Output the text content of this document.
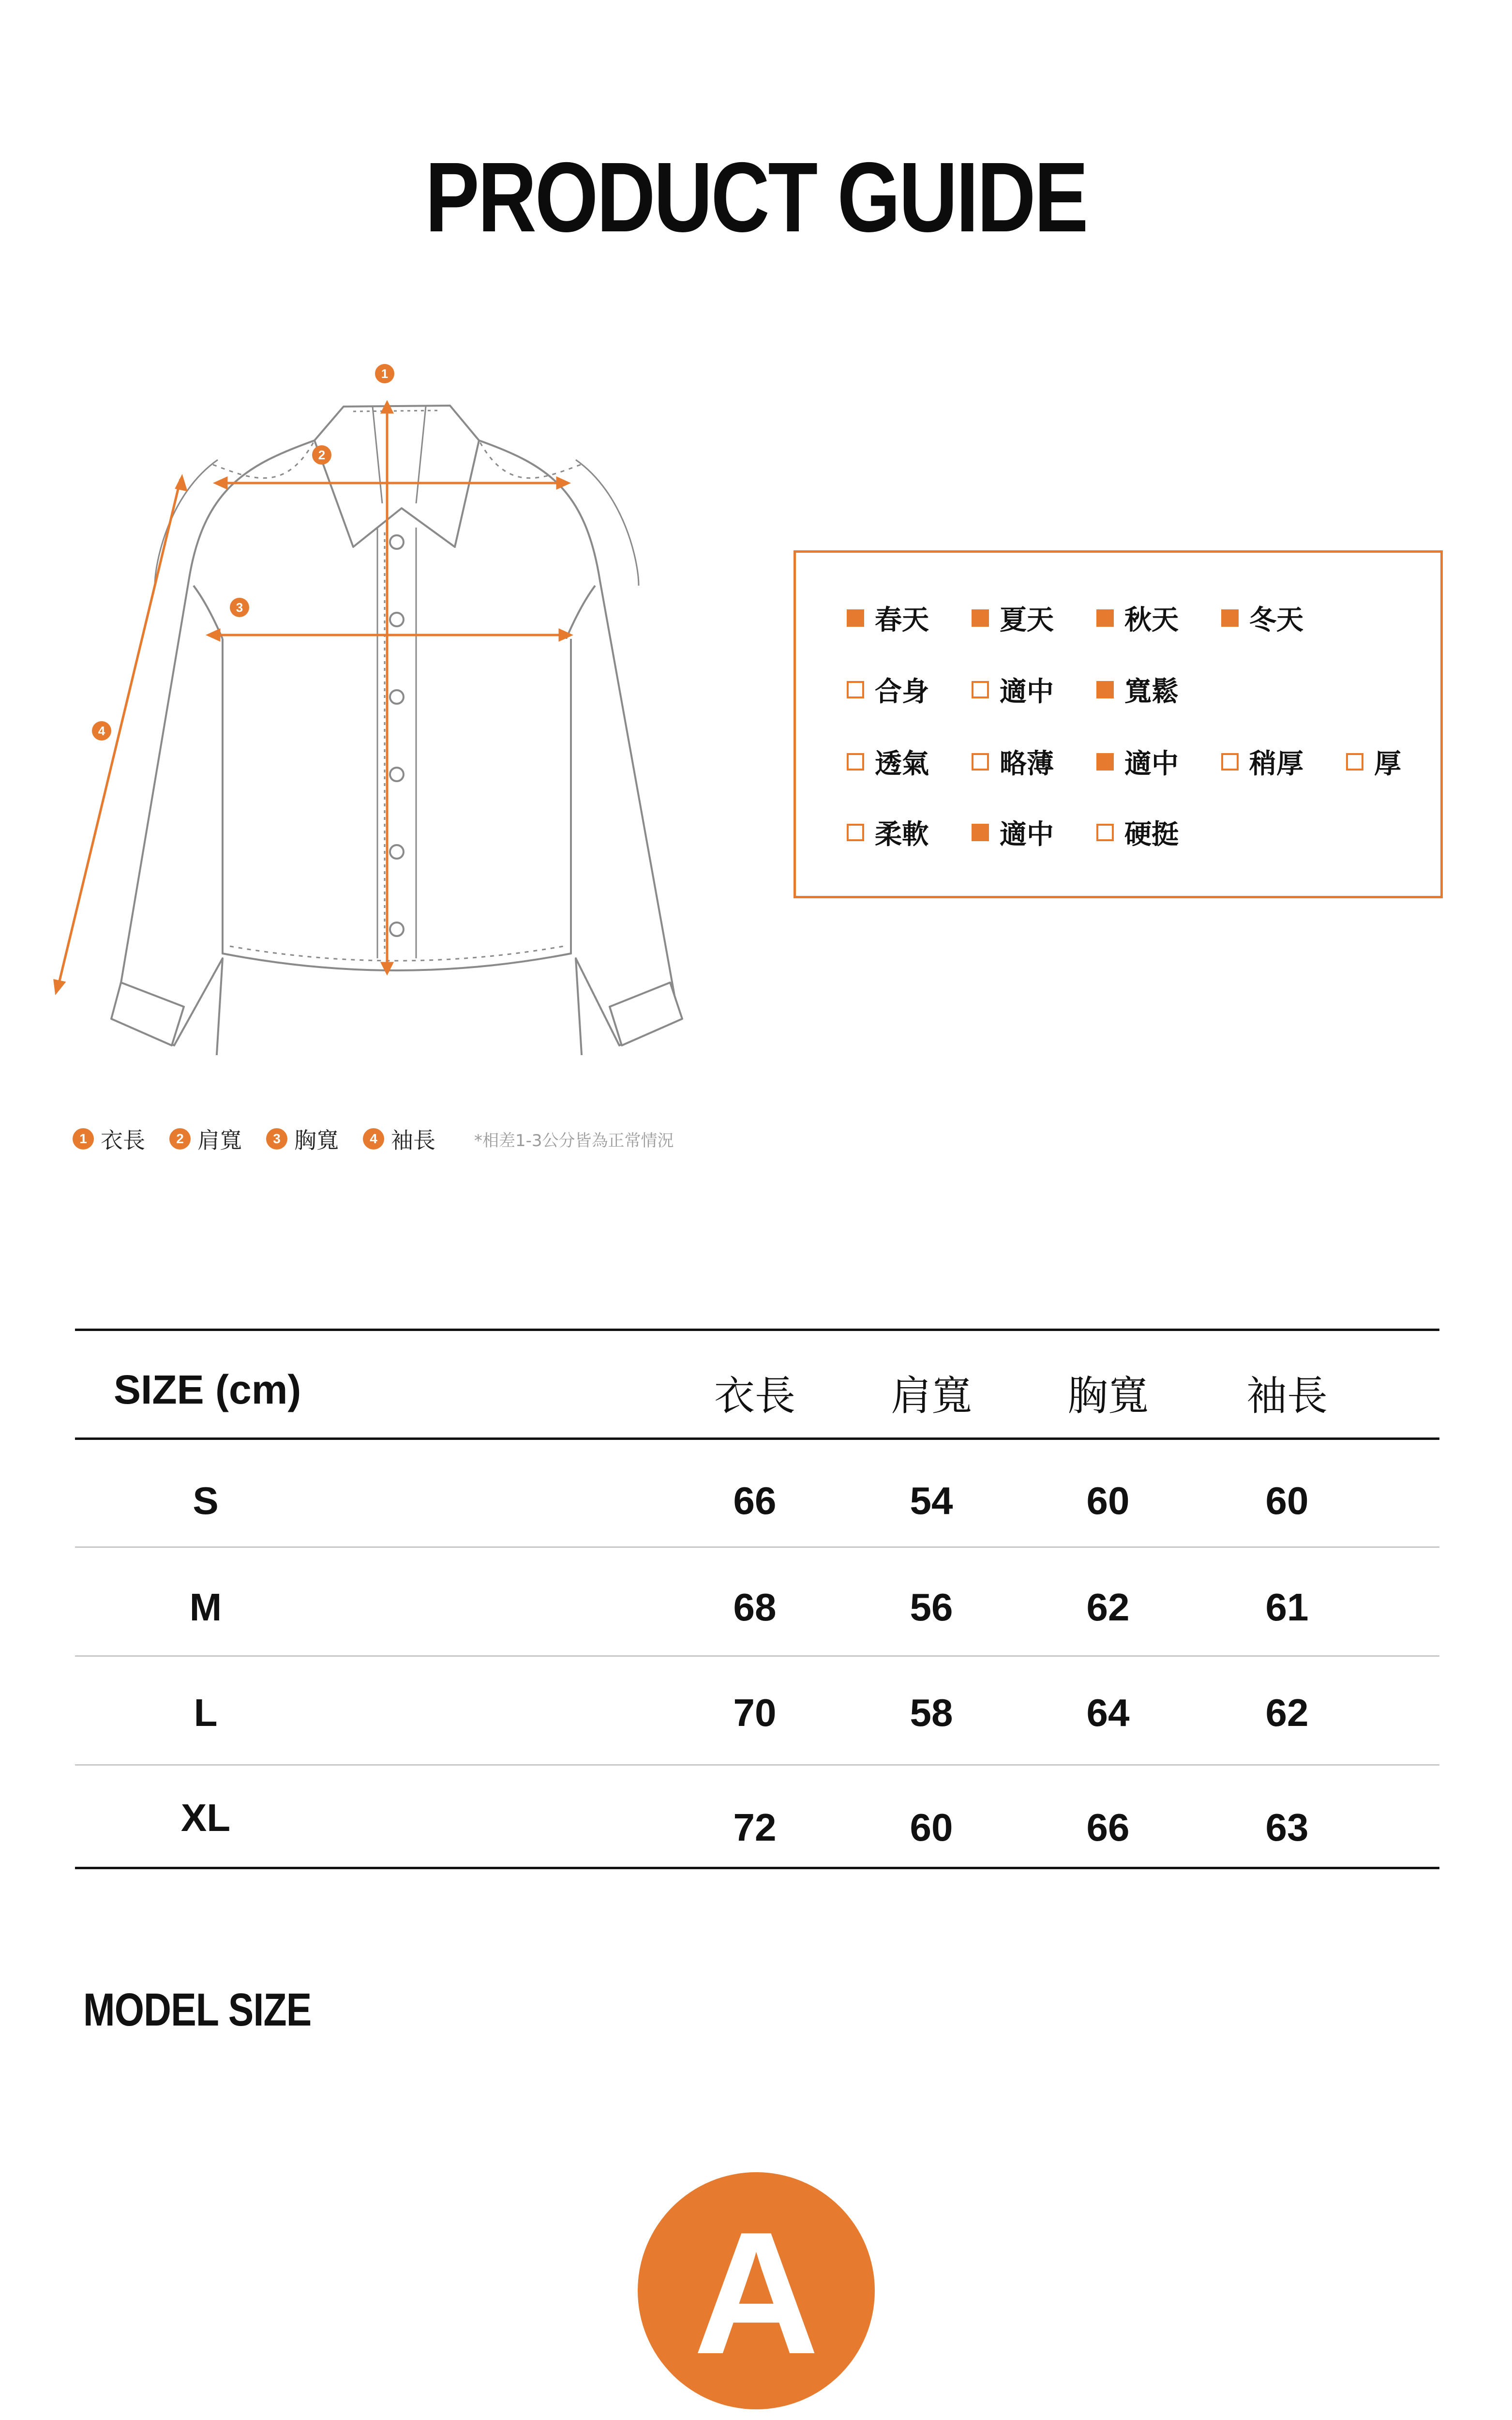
PRODUCT GUIDE
1
2
3
4
1 衣長	2 肩寬	3 胸寬	4 袖長 *相差1-3公分皆為正常情況
春天	夏天	秋天	冬天
合身	適中	寬鬆
透氣	略薄	適中	稍厚	厚
柔軟	適中	硬挺
SIZE (cm)	衣長	肩寬	胸寬	袖長
S	66	54	60	60
M	68	56	62	61
L	70	58	64	62
XL	72	60	66	63
MODEL SIZE
A
